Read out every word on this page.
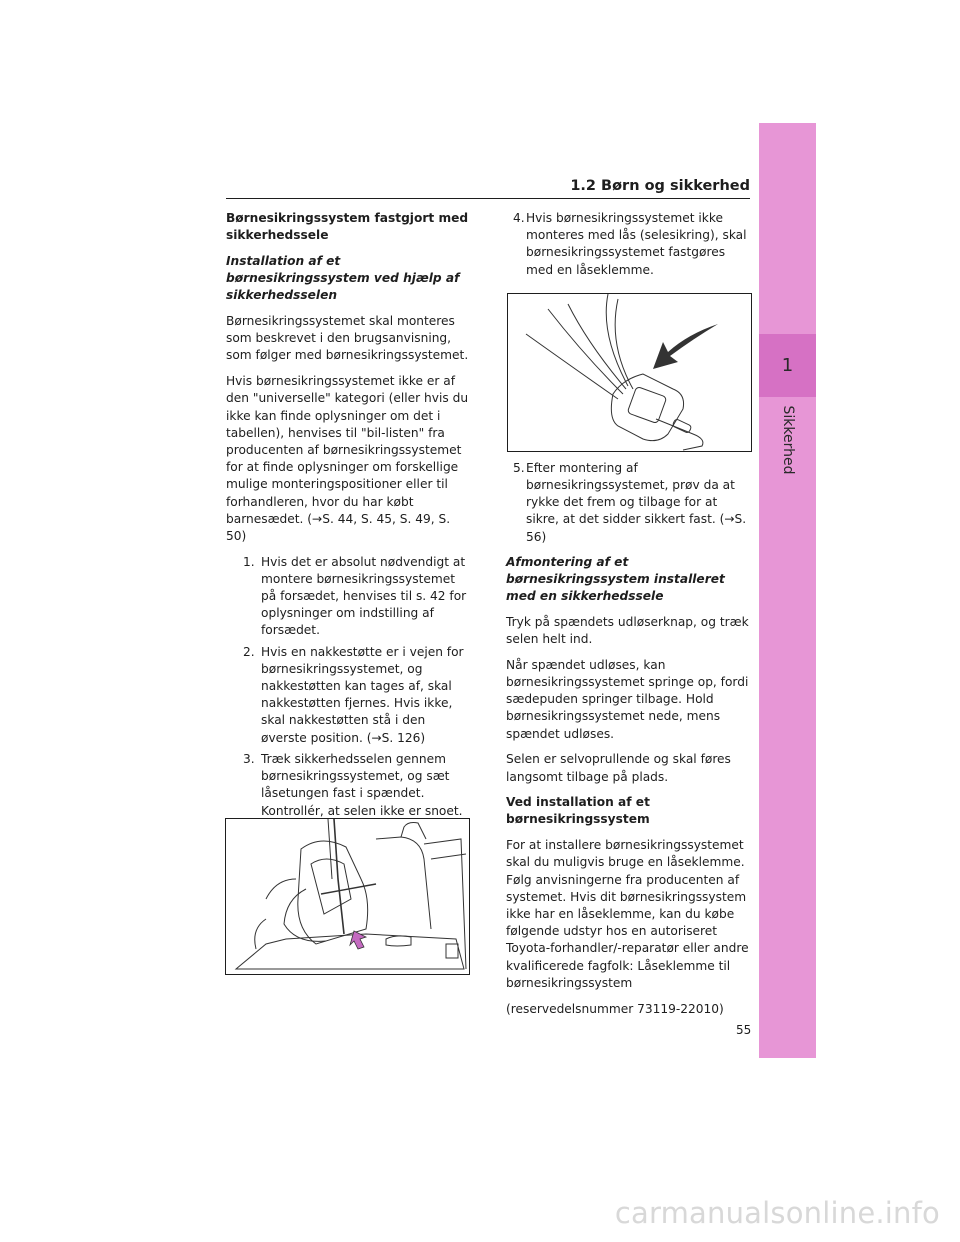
1.2 Børn og sikkerhed
1
Sikkerhed

Børnesikringssystem fastgjort med sikkerhedssele

Installation af et børnesikringssystem ved hjælp af sikkerhedsselen

Børnesikringssystemet skal monteres som beskrevet i den brugsanvisning, som følger med børnesikringssystemet.

Hvis børnesikringssystemet ikke er af den "universelle" kategori (eller hvis du ikke kan finde oplysninger om det i tabellen), henvises til "bil-listen" fra producenten af børnesikringssystemet for at finde oplysninger om forskellige mulige monteringspositioner eller til forhandleren, hvor du har købt barnesædet. (→S. 44, S. 45, S. 49, S. 50)

1. Hvis det er absolut nødvendigt at montere børnesikringssystemet på forsædet, henvises til s. 42 for oplysninger om indstilling af forsædet.
2. Hvis en nakkestøtte er i vejen for børnesikringssystemet, og nakkestøtten kan tages af, skal nakkestøtten fjernes. Hvis ikke, skal nakkestøtten stå i den øverste position. (→S. 126)
3. Træk sikkerhedsselen gennem børnesikringssystemet, og sæt låsetungen fast i spændet. Kontrollér, at selen ikke er snoet.
4. Hvis børnesikringssystemet ikke monteres med lås (selesikring), skal børnesikringssystemet fastgøres med en låseklemme.
5. Efter montering af børnesikringssystemet, prøv da at rykke det frem og tilbage for at sikre, at det sidder sikkert fast. (→S. 56)

Afmontering af et børnesikringssystem installeret med en sikkerhedssele

Tryk på spændets udløserknap, og træk selen helt ind.

Når spændet udløses, kan børnesikringssystemet springe op, fordi sædepuden springer tilbage. Hold børnesikringssystemet nede, mens spændet udløses.

Selen er selvoprullende og skal føres langsomt tilbage på plads.

Ved installation af et børnesikringssystem

For at installere børnesikringssystemet skal du muligvis bruge en låseklemme. Følg anvisningerne fra producenten af systemet. Hvis dit børnesikringssystem ikke har en låseklemme, kan du købe følgende udstyr hos en autoriseret Toyota-forhandler/-reparatør eller andre kvalificerede fagfolk: Låseklemme til børnesikringssystem

(reservedelsnummer 73119-22010)

55
carmanualsonline.info
